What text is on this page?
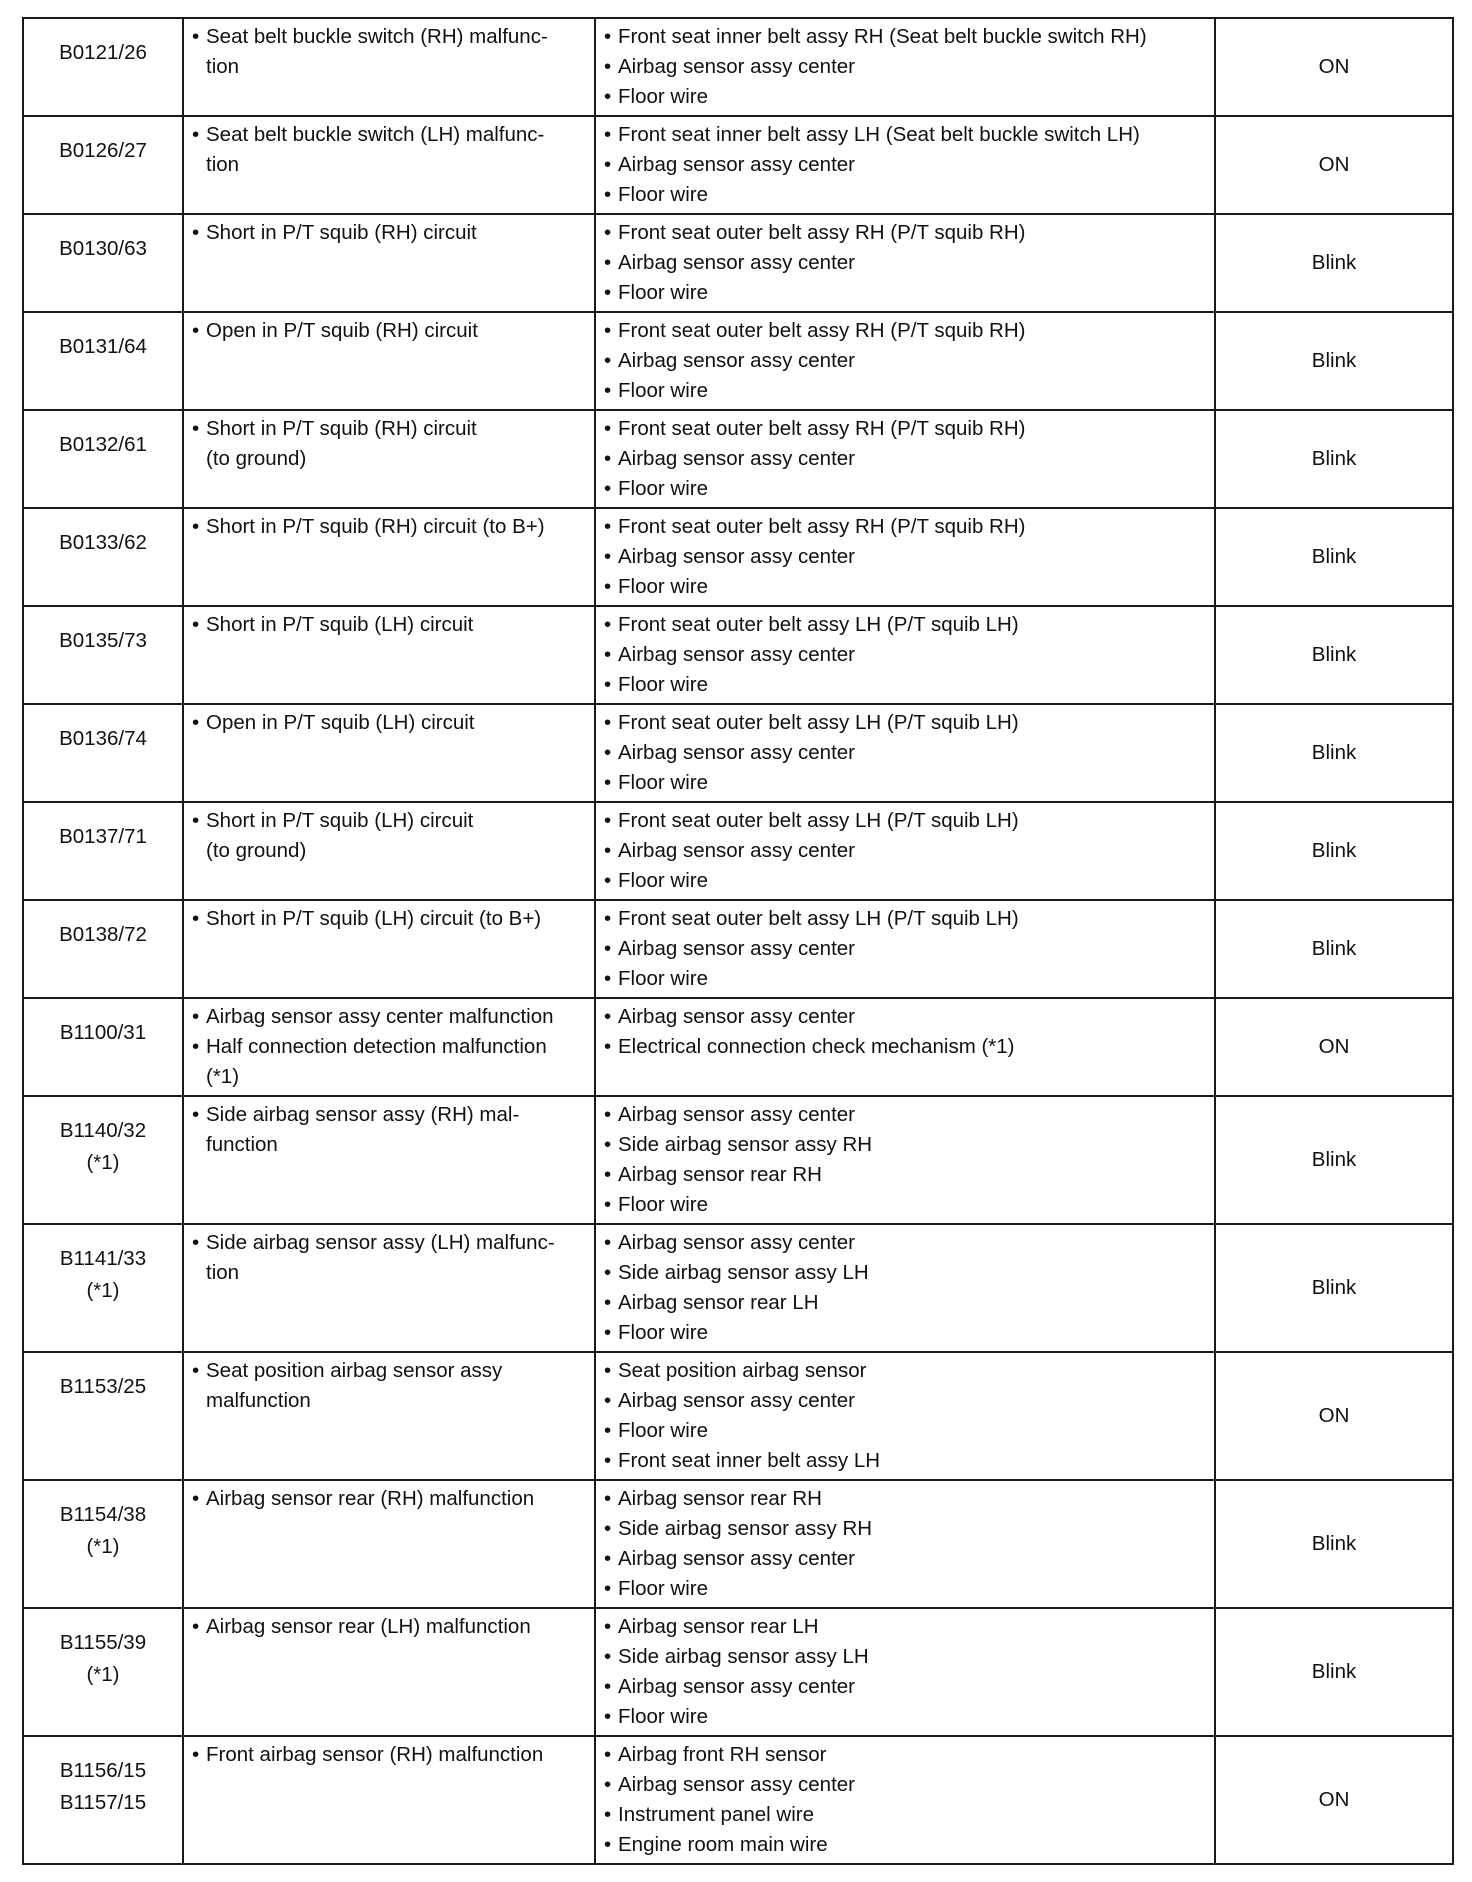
B0121/26	• Seat belt buckle switch (RH) malfunc-
tion	• Front seat inner belt assy RH (Seat belt buckle switch RH)
• Airbag sensor assy center
• Floor wire	ON

B0126/27	• Seat belt buckle switch (LH) malfunc-
tion	• Front seat inner belt assy LH (Seat belt buckle switch LH)
• Airbag sensor assy center
• Floor wire	ON

B0130/63	• Short in P/T squib (RH) circuit	• Front seat outer belt assy RH (P/T squib RH)
• Airbag sensor assy center
• Floor wire	Blink

B0131/64	• Open in P/T squib (RH) circuit	• Front seat outer belt assy RH (P/T squib RH)
• Airbag sensor assy center
• Floor wire	Blink

B0132/61	• Short in P/T squib (RH) circuit
(to ground)	• Front seat outer belt assy RH (P/T squib RH)
• Airbag sensor assy center
• Floor wire	Blink

B0133/62	• Short in P/T squib (RH) circuit (to B+)	• Front seat outer belt assy RH (P/T squib RH)
• Airbag sensor assy center
• Floor wire	Blink

B0135/73	• Short in P/T squib (LH) circuit	• Front seat outer belt assy LH (P/T squib LH)
• Airbag sensor assy center
• Floor wire	Blink

B0136/74	• Open in P/T squib (LH) circuit	• Front seat outer belt assy LH (P/T squib LH)
• Airbag sensor assy center
• Floor wire	Blink

B0137/71	• Short in P/T squib (LH) circuit
(to ground)	• Front seat outer belt assy LH (P/T squib LH)
• Airbag sensor assy center
• Floor wire	Blink

B0138/72	• Short in P/T squib (LH) circuit (to B+)	• Front seat outer belt assy LH (P/T squib LH)
• Airbag sensor assy center
• Floor wire	Blink

B1100/31	• Airbag sensor assy center malfunction
• Half connection detection malfunction
(*1)	• Airbag sensor assy center
• Electrical connection check mechanism (*1)	ON

B1140/32
(*1)	• Side airbag sensor assy (RH) mal-
function	• Airbag sensor assy center
• Side airbag sensor assy RH
• Airbag sensor rear RH
• Floor wire	Blink

B1141/33
(*1)	• Side airbag sensor assy (LH) malfunc-
tion	• Airbag sensor assy center
• Side airbag sensor assy LH
• Airbag sensor rear LH
• Floor wire	Blink

B1153/25	• Seat position airbag sensor assy
malfunction	• Seat position airbag sensor
• Airbag sensor assy center
• Floor wire
• Front seat inner belt assy LH	ON

B1154/38
(*1)	• Airbag sensor rear (RH) malfunction	• Airbag sensor rear RH
• Side airbag sensor assy RH
• Airbag sensor assy center
• Floor wire	Blink

B1155/39
(*1)	• Airbag sensor rear (LH) malfunction	• Airbag sensor rear LH
• Side airbag sensor assy LH
• Airbag sensor assy center
• Floor wire	Blink

B1156/15
B1157/15	• Front airbag sensor (RH) malfunction	• Airbag front RH sensor
• Airbag sensor assy center
• Instrument panel wire
• Engine room main wire	ON
